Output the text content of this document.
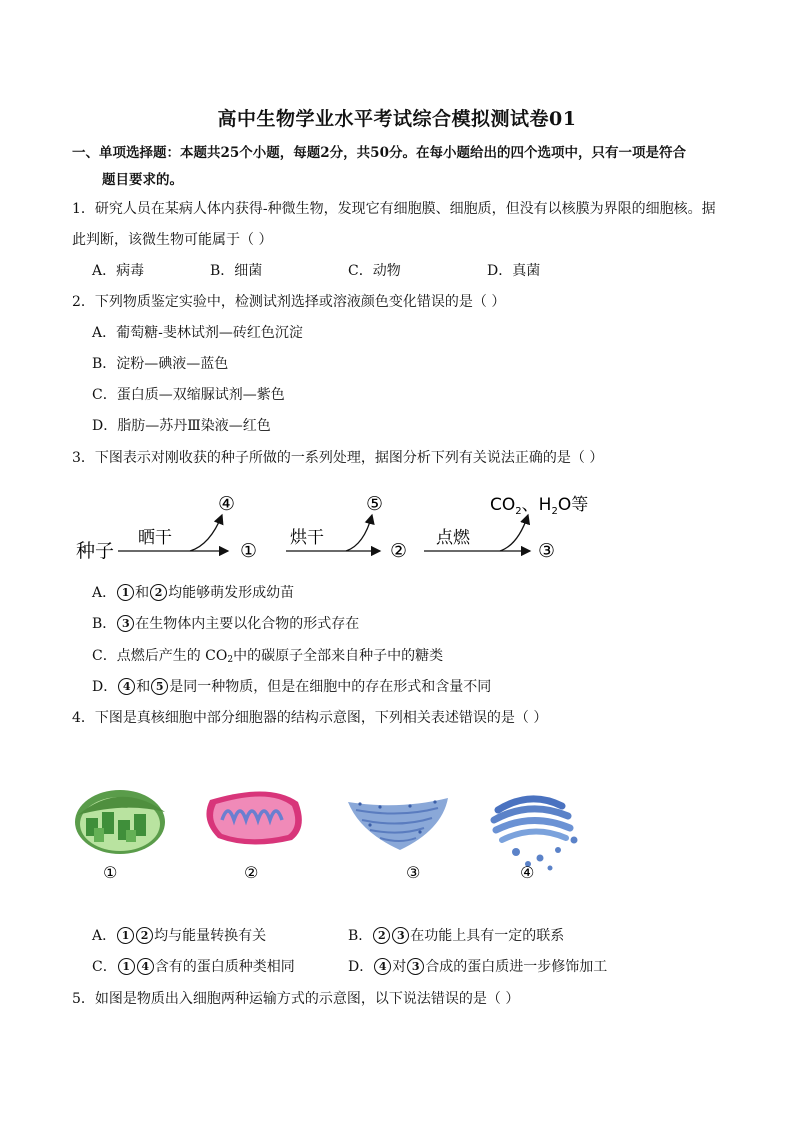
高中生物学业水平考试综合模拟测试卷01
一、单项选择题：本题共25个小题，每题2分，共50分。在每小题给出的四个选项中，只有一项是符合
题目要求的。
1．研究人员在某病人体内获得-种微生物，发现它有细胞膜、细胞质，但没有以核膜为界限的细胞核。据
此判断，该微生物可能属于（ ）
A．病毒	B．细菌	C．动物	D．真菌
2．下列物质鉴定实验中，检测试剂选择或溶液颜色变化错误的是（ ）
A．葡萄糖-斐林试剂—砖红色沉淀
B．淀粉—碘液—蓝色
C．蛋白质—双缩脲试剂—紫色
D．脂肪—苏丹Ⅲ染液—红色
3．下图表示对刚收获的种子所做的一系列处理，据图分析下列有关说法正确的是（ ）
种子
晒干
④
①
烘干
⑤
②
点燃
③
$CO_2$、$H_2O$等
A． 1 和 2 均能够萌发形成幼苗
B． 3 在生物体内主要以化合物的形式存在
C．点燃后产生的 $CO_2$中的碳原子全部来自种子中的糖类
D． 4 和 5 是同一种物质，但是在细胞中的存在形式和含量不同
4．下图是真核细胞中部分细胞器的结构示意图，下列相关表述错误的是（ ）
①	②	③	④
A． 1 2 均与能量转换有关	B． 2 3 在功能上具有一定的联系
C． 1 4 含有的蛋白质种类相同	D． 4 对 3 合成的蛋白质进一步修饰加工
5．如图是物质出入细胞两种运输方式的示意图，以下说法错误的是（ ）
